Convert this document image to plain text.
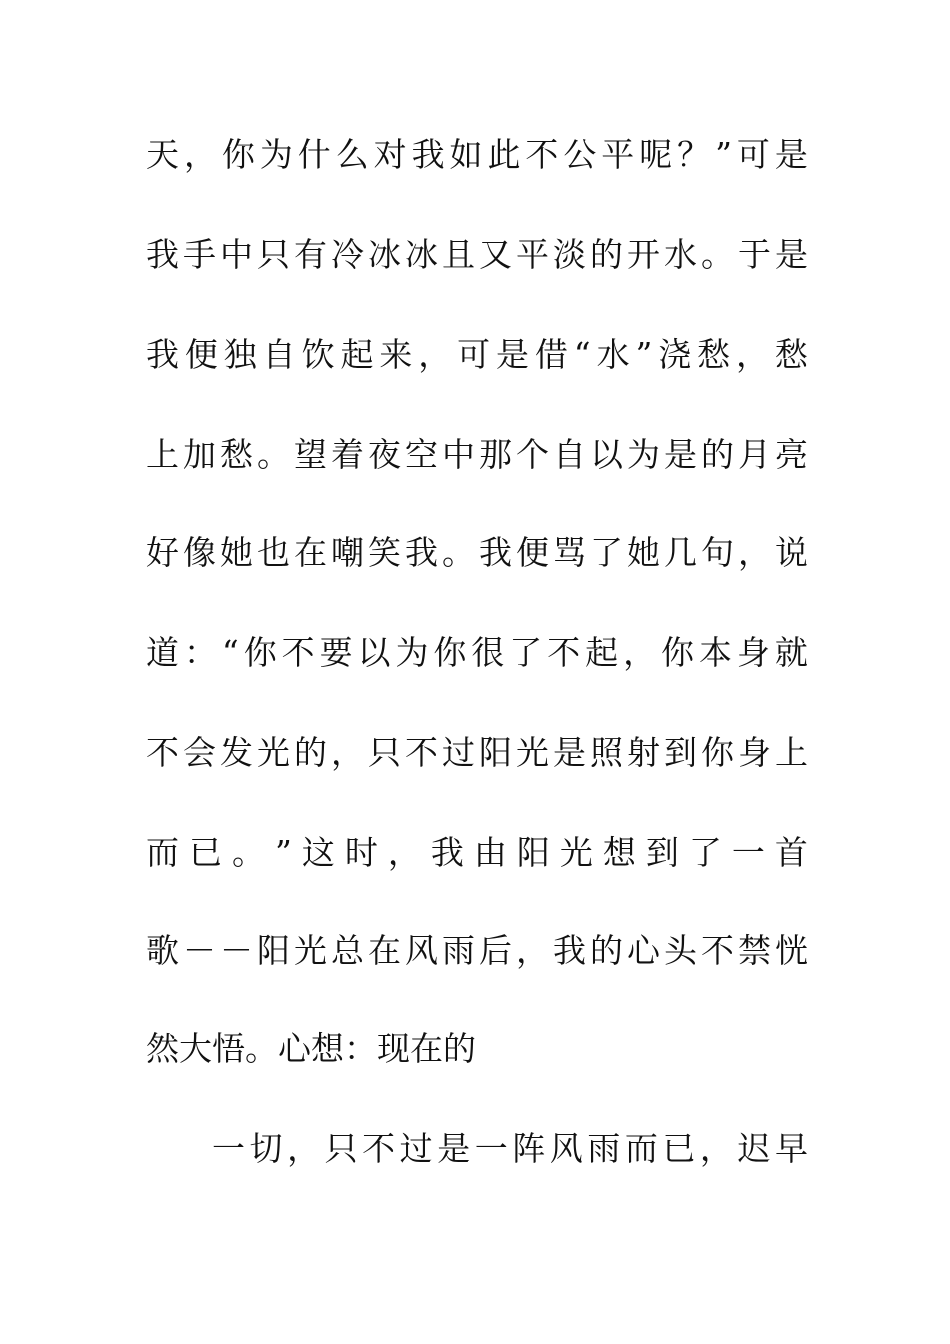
天 ， 你 为 什 么 对 我 如 此 不 公 平 呢 ？ ” 可 是
我 手 中 只 有 冷 冰 冰 且 又 平 淡 的 开 水 。 于 是
我 便 独 自 饮 起 来 ， 可 是 借 “ 水 ” 浇 愁 ， 愁
上 加 愁 。 望 着 夜 空 中 那 个 自 以 为 是 的 月 亮
好 像 她 也 在 嘲 笑 我 。 我 便 骂 了 她 几 句 ， 说
道 ： “ 你 不 要 以 为 你 很 了 不 起 ， 你 本 身 就
不 会 发 光 的 ， 只 不 过 阳 光 是 照 射 到 你 身 上
而 已 。 ” 这 时 ， 我 由 阳 光 想 到 了 一 首
歌 － － 阳 光 总 在 风 雨 后 ， 我 的 心 头 不 禁 恍
然大悟。心想：现在的
一 切 ， 只 不 过 是 一 阵 风 雨 而 已 ， 迟 早
